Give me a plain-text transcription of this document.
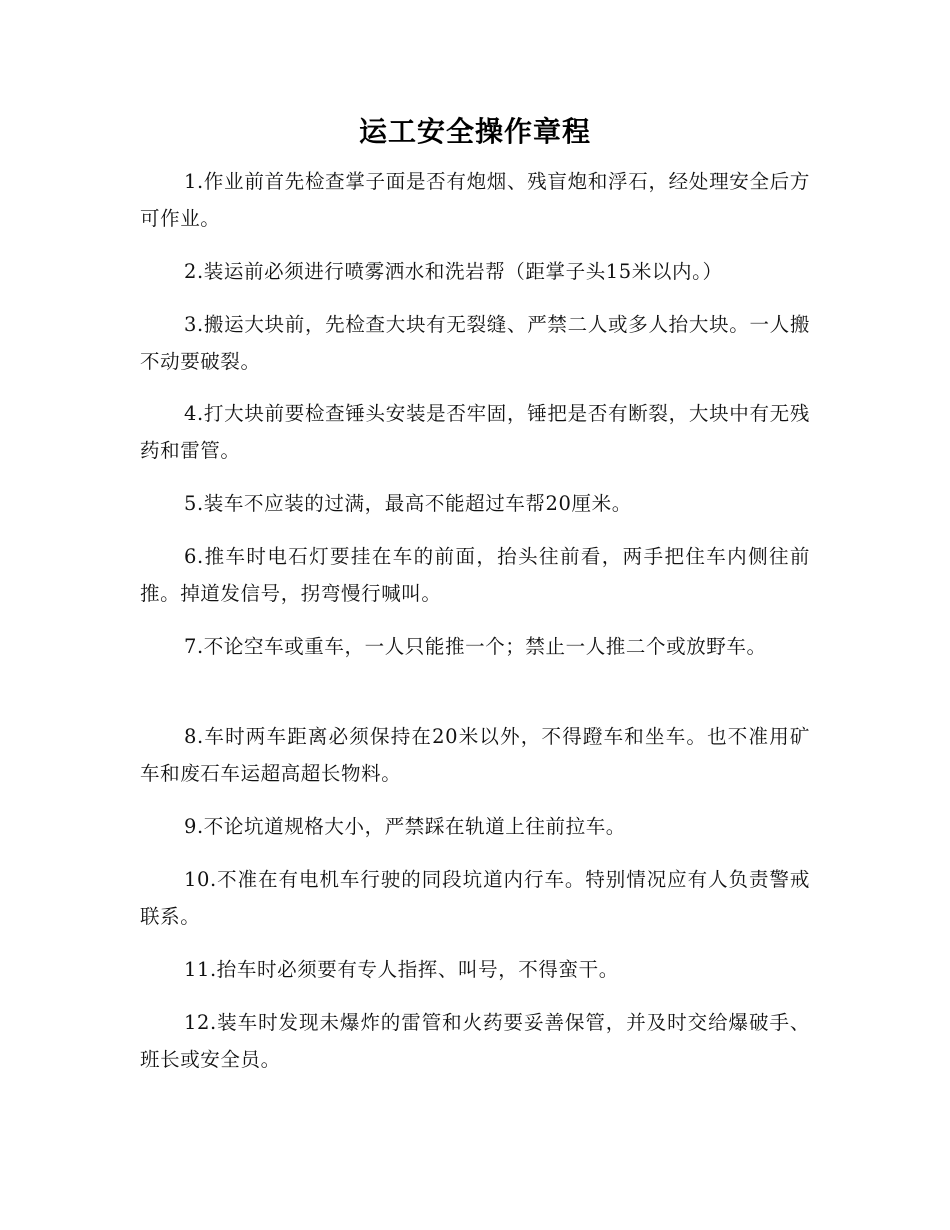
运工安全操作章程

1.作业前首先检查掌子面是否有炮烟、残盲炮和浮石，经处理安全后方可作业。

2.装运前必须进行喷雾洒水和洗岩帮（距掌子头15米以内。）

3.搬运大块前，先检查大块有无裂缝、严禁二人或多人抬大块。一人搬不动要破裂。

4.打大块前要检查锤头安装是否牢固，锤把是否有断裂，大块中有无残药和雷管。

5.装车不应装的过满，最高不能超过车帮20厘米。

6.推车时电石灯要挂在车的前面，抬头往前看，两手把住车内侧往前推。掉道发信号，拐弯慢行喊叫。

7.不论空车或重车，一人只能推一个；禁止一人推二个或放野车。

8.车时两车距离必须保持在20米以外，不得蹬车和坐车。也不准用矿车和废石车运超高超长物料。

9.不论坑道规格大小，严禁踩在轨道上往前拉车。

10.不准在有电机车行驶的同段坑道内行车。特别情况应有人负责警戒联系。

11.抬车时必须要有专人指挥、叫号，不得蛮干。

12.装车时发现未爆炸的雷管和火药要妥善保管，并及时交给爆破手、班长或安全员。
